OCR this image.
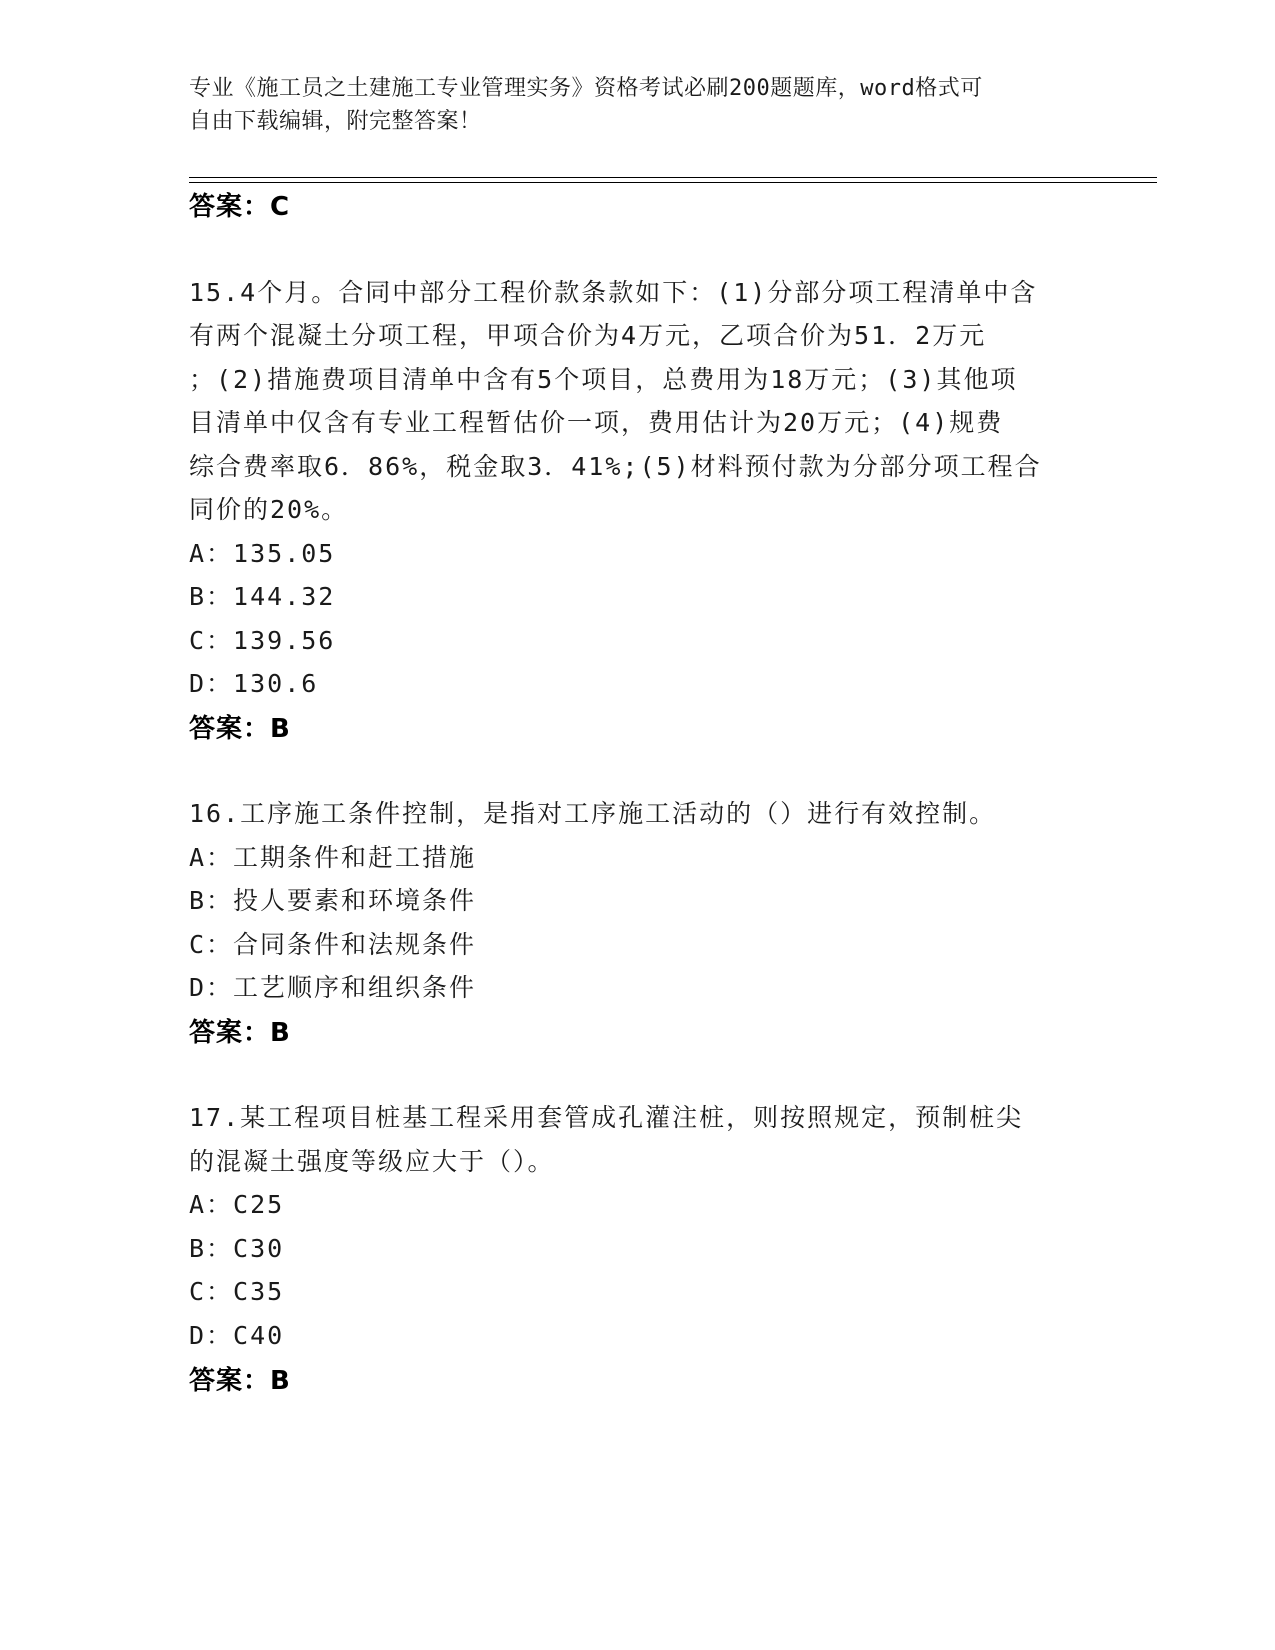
专业《施工员之土建施工专业管理实务》资格考试必刷200题题库，word格式可

自由下载编辑，附完整答案！

答案：C
15.4个月。合同中部分工程价款条款如下：(1)分部分项工程清单中含
有两个混凝土分项工程，甲项合价为4万元，乙项合价为51．2万元
；(2)措施费项目清单中含有5个项目，总费用为18万元；(3)其他项
目清单中仅含有专业工程暂估价一项，费用估计为20万元；(4)规费
综合费率取6．86%，税金取3．41%;(5)材料预付款为分部分项工程合
同价的20%。
A：135.05
B：144.32
C：139.56
D：130.6
答案：B
16.工序施工条件控制，是指对工序施工活动的（）进行有效控制。
A：工期条件和赶工措施
B：投人要素和环境条件
C：合同条件和法规条件
D：工艺顺序和组织条件
答案：B
17.某工程项目桩基工程采用套管成孔灌注桩，则按照规定，预制桩尖
的混凝土强度等级应大于（）。
A：C25
B：C30
C：C35
D：C40
答案：B
